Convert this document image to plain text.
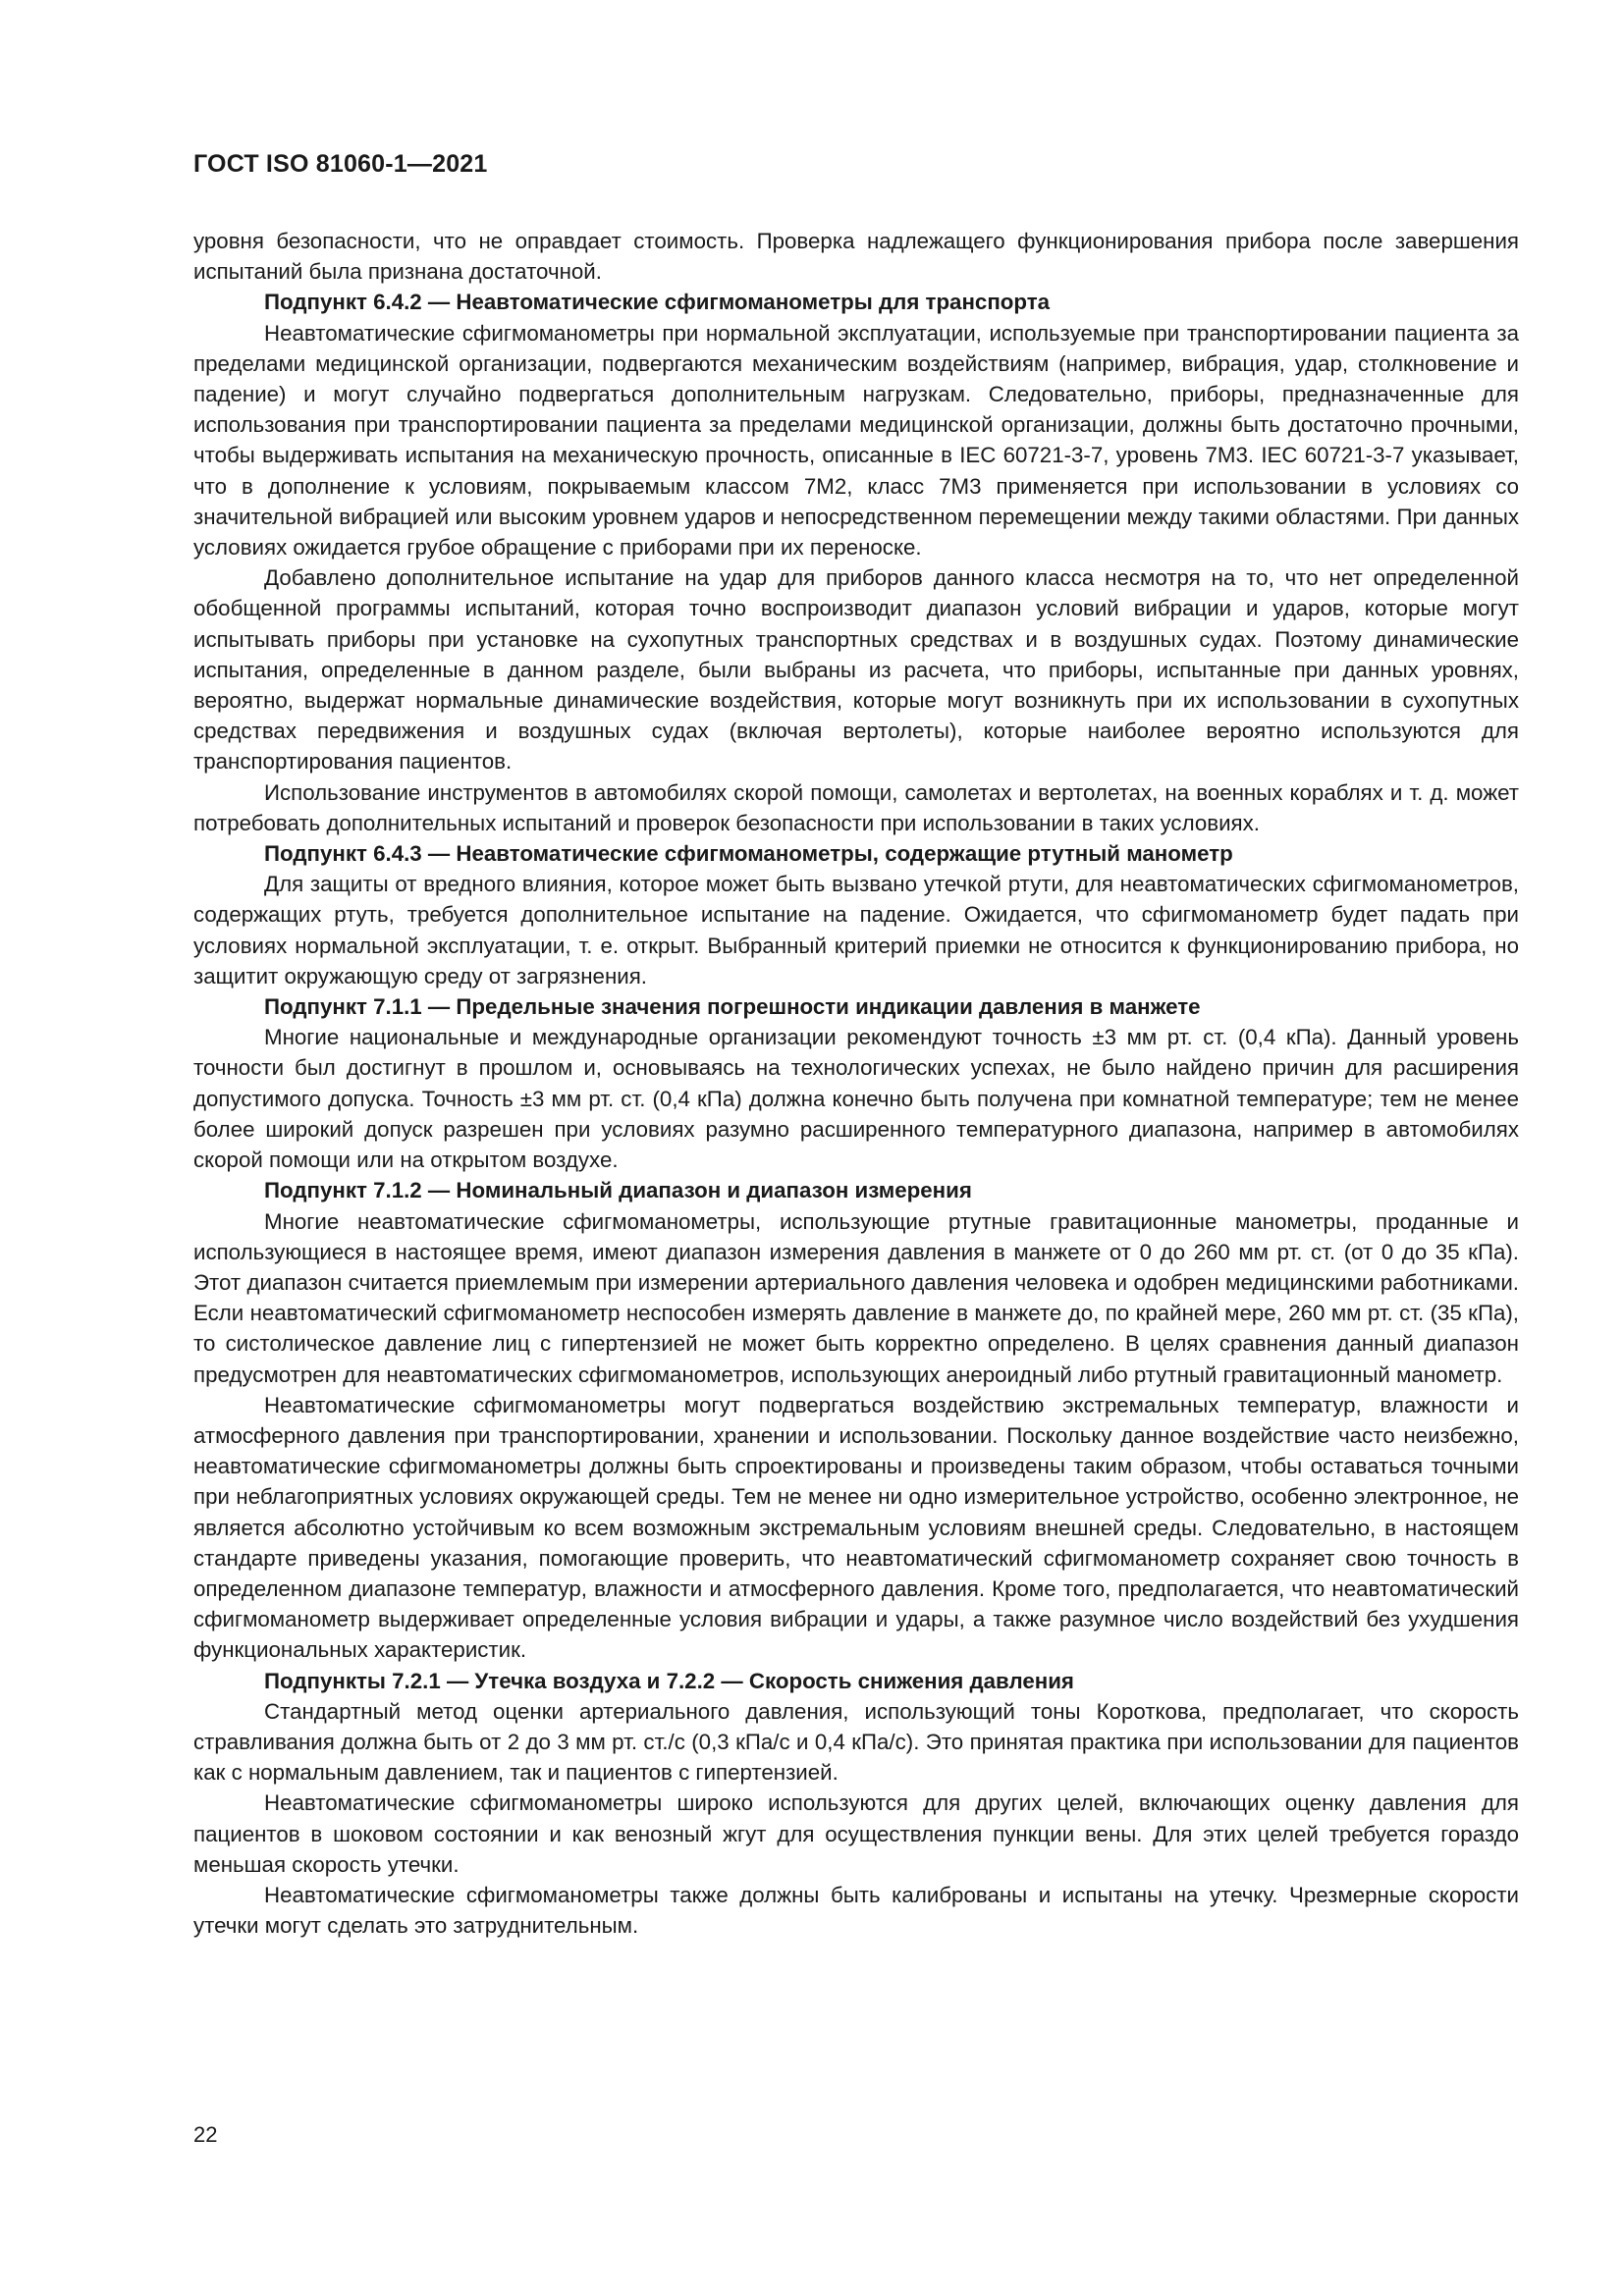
ГОСТ ISO 81060-1—2021

уровня безопасности, что не оправдает стоимость. Проверка надлежащего функционирования прибора после завершения испытаний была признана достаточной.

Подпункт 6.4.2 — Неавтоматические сфигмоманометры для транспорта

Неавтоматические сфигмоманометры при нормальной эксплуатации, используемые при транспортировании пациента за пределами медицинской организации, подвергаются механическим воздействиям (например, вибрация, удар, столкновение и падение) и могут случайно подвергаться дополнительным нагрузкам. Следовательно, приборы, предназначенные для использования при транспортировании пациента за пределами медицинской организации, должны быть достаточно прочными, чтобы выдерживать испытания на механическую прочность, описанные в IEC 60721-3-7, уровень 7M3. IEC 60721-3-7 указывает, что в дополнение к условиям, покрываемым классом 7M2, класс 7M3 применяется при использовании в условиях со значительной вибрацией или высоким уровнем ударов и непосредственном перемещении между такими областями. При данных условиях ожидается грубое обращение с приборами при их переноске.

Добавлено дополнительное испытание на удар для приборов данного класса несмотря на то, что нет определенной обобщенной программы испытаний, которая точно воспроизводит диапазон условий вибрации и ударов, которые могут испытывать приборы при установке на сухопутных транспортных средствах и в воздушных судах. Поэтому динамические испытания, определенные в данном разделе, были выбраны из расчета, что приборы, испытанные при данных уровнях, вероятно, выдержат нормальные динамические воздействия, которые могут возникнуть при их использовании в сухопутных средствах передвижения и воздушных судах (включая вертолеты), которые наиболее вероятно используются для транспортирования пациентов.

Использование инструментов в автомобилях скорой помощи, самолетах и вертолетах, на военных кораблях и т. д. может потребовать дополнительных испытаний и проверок безопасности при использовании в таких условиях.

Подпункт 6.4.3 — Неавтоматические сфигмоманометры, содержащие ртутный манометр

Для защиты от вредного влияния, которое может быть вызвано утечкой ртути, для неавтоматических сфигмоманометров, содержащих ртуть, требуется дополнительное испытание на падение. Ожидается, что сфигмоманометр будет падать при условиях нормальной эксплуатации, т. е. открыт. Выбранный критерий приемки не относится к функционированию прибора, но защитит окружающую среду от загрязнения.

Подпункт 7.1.1 — Предельные значения погрешности индикации давления в манжете

Многие национальные и международные организации рекомендуют точность ±3 мм рт. ст. (0,4 кПа). Данный уровень точности был достигнут в прошлом и, основываясь на технологических успехах, не было найдено причин для расширения допустимого допуска. Точность ±3 мм рт. ст. (0,4 кПа) должна конечно быть получена при комнатной температуре; тем не менее более широкий допуск разрешен при условиях разумно расширенного температурного диапазона, например в автомобилях скорой помощи или на открытом воздухе.

Подпункт 7.1.2 — Номинальный диапазон и диапазон измерения

Многие неавтоматические сфигмоманометры, использующие ртутные гравитационные манометры, проданные и использующиеся в настоящее время, имеют диапазон измерения давления в манжете от 0 до 260 мм рт. ст. (от 0 до 35 кПа). Этот диапазон считается приемлемым при измерении артериального давления человека и одобрен медицинскими работниками. Если неавтоматический сфигмоманометр неспособен измерять давление в манжете до, по крайней мере, 260 мм рт. ст. (35 кПа), то систолическое давление лиц с гипертензией не может быть корректно определено. В целях сравнения данный диапазон предусмотрен для неавтоматических сфигмоманометров, использующих анероидный либо ртутный гравитационный манометр.

Неавтоматические сфигмоманометры могут подвергаться воздействию экстремальных температур, влажности и атмосферного давления при транспортировании, хранении и использовании. Поскольку данное воздействие часто неизбежно, неавтоматические сфигмоманометры должны быть спроектированы и произведены таким образом, чтобы оставаться точными при неблагоприятных условиях окружающей среды. Тем не менее ни одно измерительное устройство, особенно электронное, не является абсолютно устойчивым ко всем возможным экстремальным условиям внешней среды. Следовательно, в настоящем стандарте приведены указания, помогающие проверить, что неавтоматический сфигмоманометр сохраняет свою точность в определенном диапазоне температур, влажности и атмосферного давления. Кроме того, предполагается, что неавтоматический сфигмоманометр выдерживает определенные условия вибрации и удары, а также разумное число воздействий без ухудшения функциональных характеристик.

Подпункты 7.2.1 — Утечка воздуха и 7.2.2 — Скорость снижения давления

Стандартный метод оценки артериального давления, использующий тоны Короткова, предполагает, что скорость стравливания должна быть от 2 до 3 мм рт. ст./с (0,3 кПа/с и 0,4 кПа/с). Это принятая практика при использовании для пациентов как с нормальным давлением, так и пациентов с гипертензией.

Неавтоматические сфигмоманометры широко используются для других целей, включающих оценку давления для пациентов в шоковом состоянии и как венозный жгут для осуществления пункции вены. Для этих целей требуется гораздо меньшая скорость утечки.

Неавтоматические сфигмоманометры также должны быть калиброваны и испытаны на утечку. Чрезмерные скорости утечки могут сделать это затруднительным.

22
